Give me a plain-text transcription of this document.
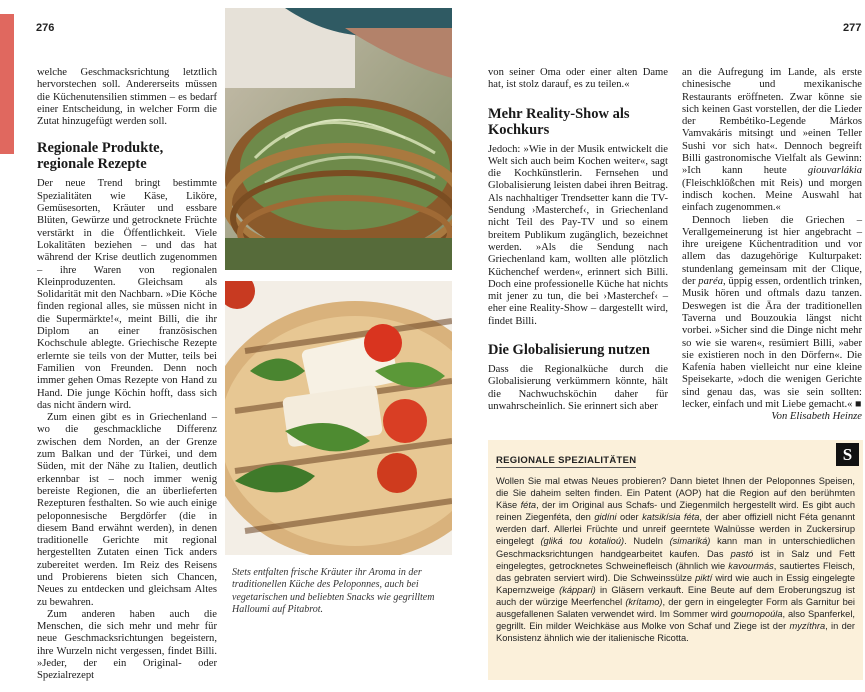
276	277

welche Geschmacksrichtung letztlich hervorstechen soll. Andererseits müssen die Küchenutensilien stimmen – es bedarf einer Entscheidung, in welcher Form die Zutat hinzugefügt werden soll.

Regionale Produkte, regionale Rezepte

Der neue Trend bringt bestimmte Spezialitäten wie Käse, Liköre, Gemüsesorten, Kräuter und essbare Blüten, Gewürze und getrocknete Früchte verstärkt in die Öffentlichkeit. Viele Lokalitäten beziehen – und das hat während der Krise deutlich zugenommen – ihre Waren von regionalen Kleinproduzenten. Gleichsam als Solidarität mit den Nachbarn. »Die Köche finden regional alles, sie müssen nicht in die Supermärkte!«, meint Billi, die ihr Diplom an einer französischen Kochschule ablegte. Griechische Rezepte erlernte sie teils von der Mutter, teils bei Familien von Freunden. Denn noch immer gehen Omas Rezepte von Hand zu Hand. Die junge Köchin hofft, dass sich das nicht ändern wird.

Zum einen gibt es in Griechenland – wo die geschmackliche Differenz zwischen dem Norden, an der Grenze zum Balkan und der Türkei, und dem Süden, mit der Nähe zu Italien, deutlich erkennbar ist – noch immer wenig bereiste Regionen, die an überlieferten Rezepturen festhalten. So wie auch einige peloponnesische Bergdörfer (die in diesem Band erwähnt werden), in denen traditionelle Gerichte mit regional hergestellten Zutaten einen Tick anders zubereitet werden. Im Reiz des Reisens und Probierens bieten sich Chancen, Neues zu entdecken und gleichsam Altes zu bewahren.

Zum anderen haben auch die Menschen, die sich mehr und mehr für neue Geschmacksrichtungen begeistern, ihre Wurzeln nicht vergessen, findet Billi. »Jeder, der ein Original- oder Spezialrezept

Stets entfalten frische Kräuter ihr Aroma in der traditionellen Küche des Peloponnes, auch bei vegetarischen und beliebten Snacks wie gegrilltem Halloumi auf Pitabrot.

von seiner Oma oder einer alten Dame hat, ist stolz darauf, es zu teilen.«

Mehr Reality-Show als Kochkurs

Jedoch: »Wie in der Musik entwickelt die Welt sich auch beim Kochen weiter«, sagt die Kochkünstlerin. Fernsehen und Globalisierung leisten dabei ihren Beitrag. Als nachhaltiger Trendsetter kann die TV-Sendung ›Masterchef‹, in Griechenland nicht Teil des Pay-TV und so einem breitem Publikum zugänglich, bezeichnet werden. »Als die Sendung nach Griechenland kam, wollten alle plötzlich Küchenchef werden«, erinnert sich Billi. Doch eine professionelle Küche hat nichts mit jener zu tun, die bei ›Masterchef‹ – eher eine Reality-Show – dargestellt wird, findet Billi.

Die Globalisierung nutzen

Dass die Regionalküche durch die Globalisierung verkümmern könnte, hält die Nachwuchsköchin daher für unwahrscheinlich. Sie erinnert sich aber

an die Aufregung im Lande, als erste chinesische und mexikanische Restaurants eröffneten. Zwar könne sie sich keinen Gast vorstellen, der die Lieder der Rembétiko-Legende Márkos Vamvakáris mitsingt und »einen Teller Sushi vor sich hat«. Dennoch begreift Billi gastronomische Vielfalt als Gewinn: »Ich kann heute giouvarlákia (Fleischklößchen mit Reis) und morgen indisch kochen. Meine Auswahl hat einfach zugenommen.«

Dennoch lieben die Griechen – Verallgemeinerung ist hier angebracht – ihre ureigene Küchentradition und vor allem das dazugehörige Kulturpaket: stundenlang gemeinsam mit der Clique, der paréa, üppig essen, ordentlich trinken, Musik hören und oftmals dazu tanzen. Deswegen ist die Ära der traditionellen Taverna und Bouzoukia längst nicht vorbei. »Sicher sind die Dinge nicht mehr so wie sie waren«, resümiert Billi, »aber sie existieren noch in den Dörfern«. Die Kafenía haben vielleicht nur eine kleine Speisekarte, »doch die wenigen Gerichte sind genau das, was sie sein sollten: lecker, einfach und mit Liebe gemacht.« ■

Von Elisabeth Heinze

REGIONALE SPEZIALITÄTEN	S

Wollen Sie mal etwas Neues probieren? Dann bietet Ihnen der Peloponnes Speisen, die Sie daheim selten finden. Ein Patent (AOP) hat die Region auf den berühmten Käse féta, der im Original aus Schafs- und Ziegenmilch hergestellt wird. Es gibt auch reinen Ziegenféta, den gidíni oder katsikísia féta, der aber offiziell nicht Féta genannt werden darf. Allerlei Früchte und unreif geerntete Walnüsse werden in Zuckersirup eingelegt (gliká tou kotalioú). Nudeln (simariká) kann man in unterschiedlichen Geschmacksrichtungen handgearbeitet kaufen. Das pastó ist in Salz und Fett eingelegtes, getrocknetes Schweinefleisch (ähnlich wie kavourmás, sautiertes Fleisch, das gebraten serviert wird). Die Schweinssülze piktí wird wie auch in Essig eingelegte Kapernzweige (káppari) in Gläsern verkauft. Eine Beute auf dem Eroberungszug ist auch der würzige Meerfenchel (krítamo), der gern in eingelegter Form als Garnitur bei ausgefallenen Salaten verwendet wird. Im Sommer wird gournopoúla, also Spanferkel, gegrillt. Ein milder Weichkäse aus Molke von Schaf und Ziege ist der myzíthra, in der Konsistenz ähnlich wie der italienische Ricotta.
